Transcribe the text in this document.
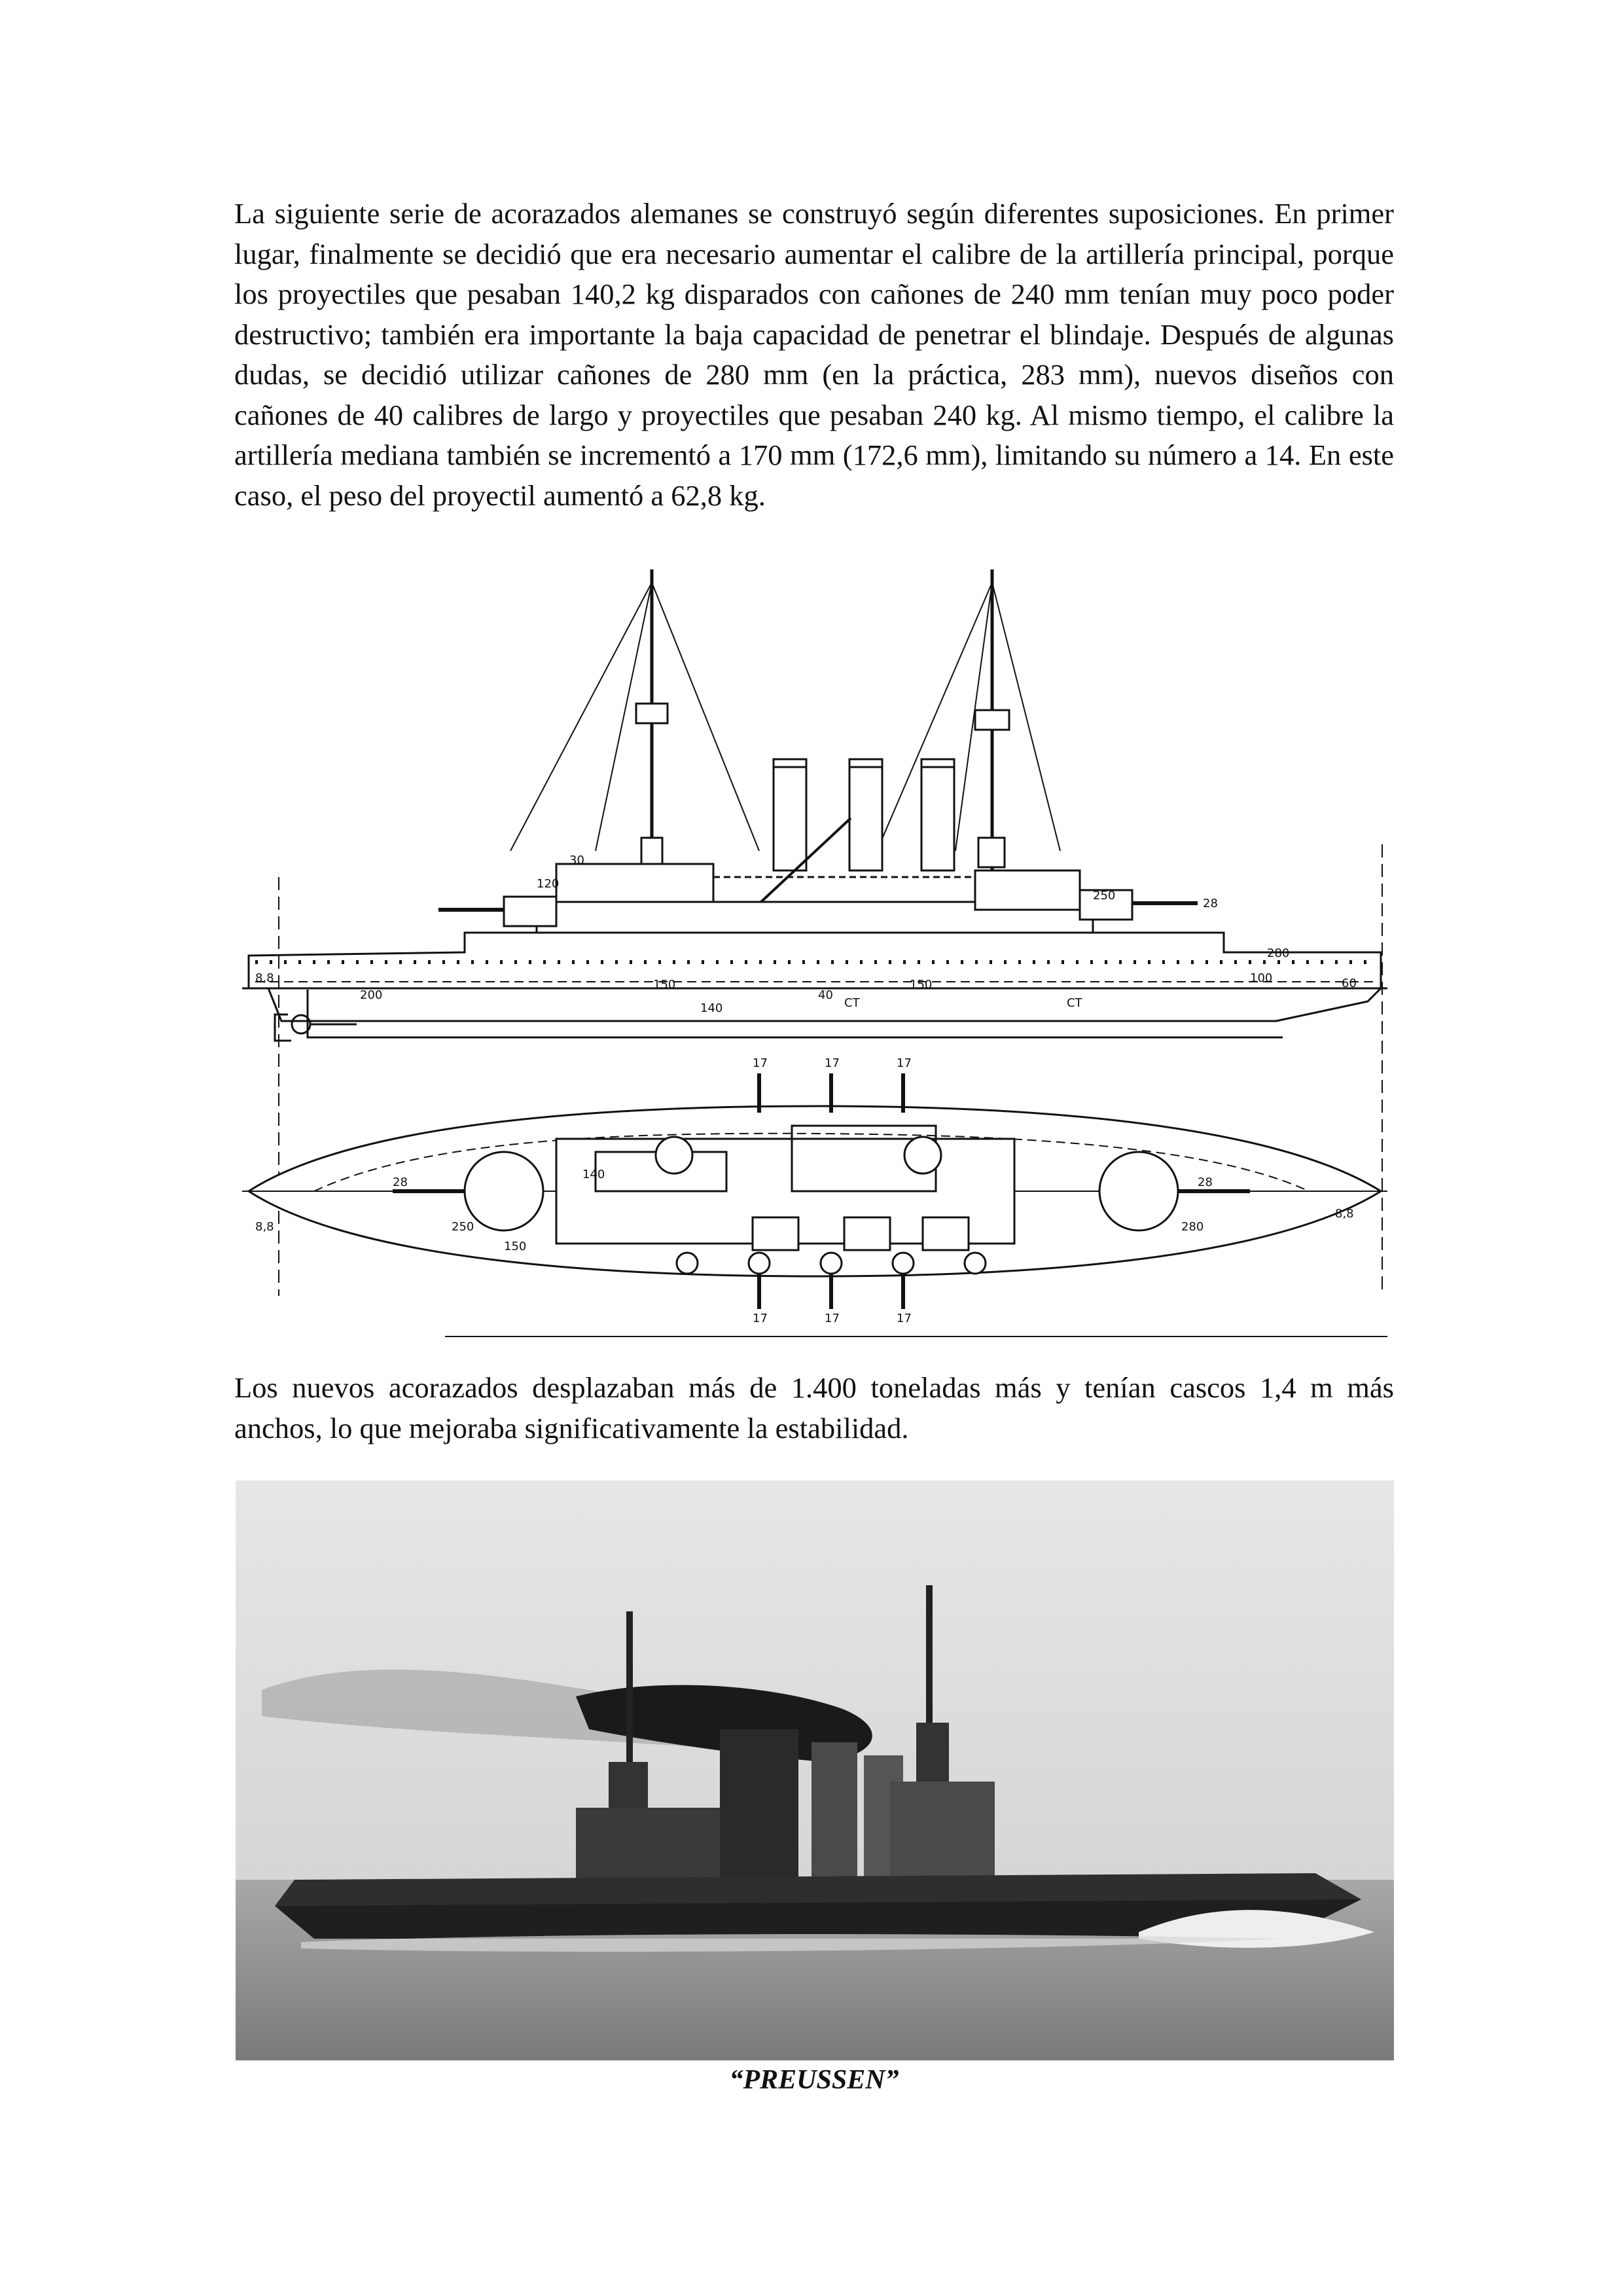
La siguiente serie de acorazados alemanes se construyó según diferentes suposiciones. En primer lugar, finalmente se decidió que era necesario aumentar el calibre de la artillería principal, porque los proyectiles que pesaban 140,2 kg disparados con cañones de 240 mm tenían muy poco poder destructivo; también era importante la baja capacidad de penetrar el blindaje. Después de algunas dudas, se decidió utilizar cañones de 280 mm (en la práctica, 283 mm), nuevos diseños con cañones de 40 calibres de largo y proyectiles que pesaban 240 kg. Al mismo tiempo, el calibre la artillería mediana también se incrementó a 170 mm (172,6 mm), limitando su número a 14. En este caso, el peso del proyectil aumentó a 62,8 kg.

CT	CT
28
8,8	150	150
140
200
250
120
100
30
40
60
280
28	28
17	17	17
17	17	17
8,8
8,8
250
150
140
280

Los nuevos acorazados desplazaban más de 1.400 toneladas más y tenían cascos 1,4 m más anchos, lo que mejoraba significativamente la estabilidad.

“PREUSSEN”
